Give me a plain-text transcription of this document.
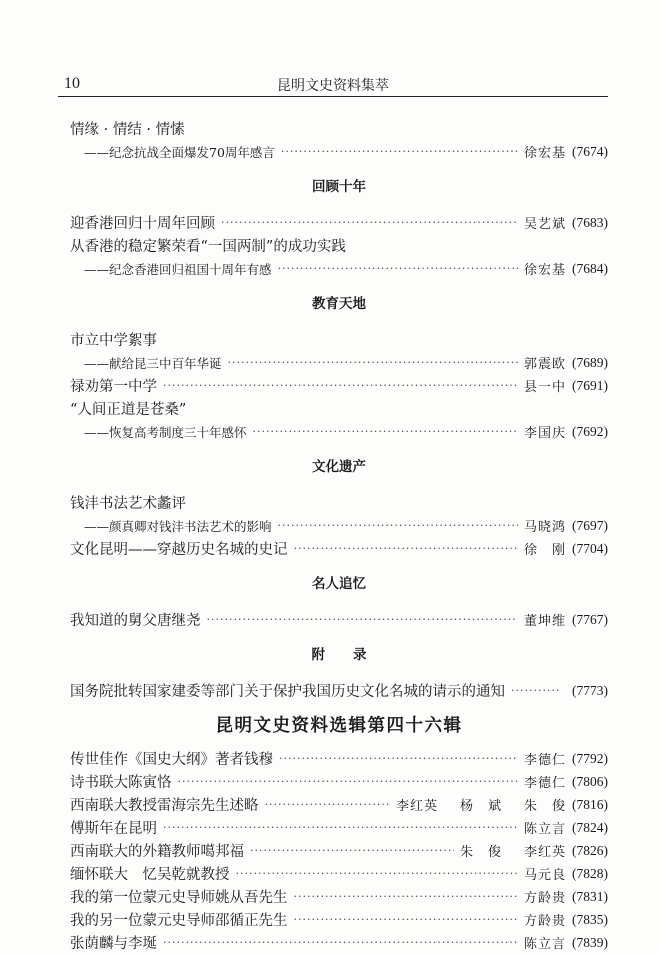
10	昆明文史资料集萃
情缘 · 情结 · 情愫
——纪念抗战全面爆发70周年感言 ·····	徐宏基 (7674)
回顾十年
迎香港回归十周年回顾 ·····	吴艺斌 (7683)
从香港的稳定繁荣看“一国两制”的成功实践
——纪念香港回归祖国十周年有感 ·····	徐宏基 (7684)
教育天地
市立中学絮事
——献给昆三中百年华诞 ·····	郭震欧 (7689)
禄劝第一中学 ·····	县一中 (7691)
“人间正道是苍桑”
——恢复高考制度三十年感怀 ·····	李国庆 (7692)
文化遗产
钱沣书法艺术蠡评
——颜真卿对钱沣书法艺术的影响 ·····	马晓鸿 (7697)
文化昆明——穿越历史名城的史记 ·····	徐　刚 (7704)
名人追忆
我知道的舅父唐继尧 ·····	董坤维 (7767)
附录
国务院批转国家建委等部门关于保护我国历史文化名城的请示的通知 ·····	(7773)
昆明文史资料选辑第四十六辑
传世佳作《国史大纲》著者钱穆 ·····	李德仁 (7792)
诗书联大陈寅恪 ·····	李德仁 (7806)
西南联大教授雷海宗先生述略 ·····	李红英 杨　斌 朱　俊 (7816)
傅斯年在昆明 ·····	陈立言 (7824)
西南联大的外籍教师噶邦福 ·····	朱　俊 李红英 (7826)
缅怀联大　忆吴乾就教授 ·····	马元良 (7828)
我的第一位蒙元史导师姚从吾先生 ·····	方龄贵 (7831)
我的另一位蒙元史导师邵循正先生 ·····	方龄贵 (7835)
张荫麟与李埏 ·····	陈立言 (7839)
